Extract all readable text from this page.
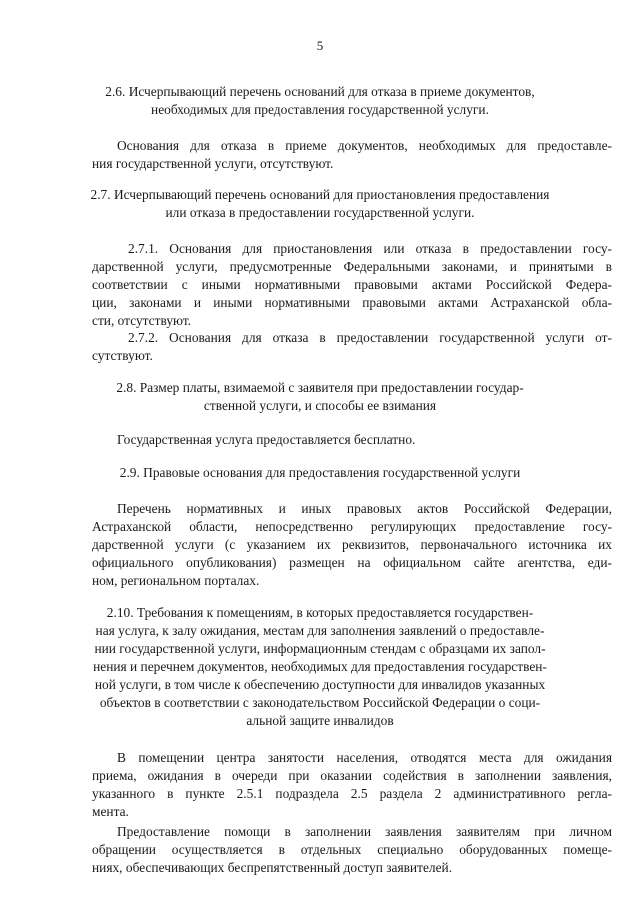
5
2.6. Исчерпывающий перечень оснований для отказа в приеме документов,
необходимых для предоставления государственной услуги.
Основания для отказа в приеме документов, необходимых для предоставле-
ния государственной услуги, отсутствуют.
2.7. Исчерпывающий перечень оснований для приостановления предоставления
или отказа в предоставлении государственной услуги.
2.7.1. Основания для приостановления или отказа в предоставлении госу-
дарственной услуги, предусмотренные Федеральными законами, и принятыми в
соответствии с иными нормативными правовыми актами Российской Федера-
ции, законами и иными нормативными правовыми актами Астраханской обла-
сти, отсутствуют.
2.7.2. Основания для отказа в предоставлении государственной услуги от-
сутствуют.
2.8. Размер платы, взимаемой с заявителя при предоставлении государ-
ственной услуги, и способы ее взимания
Государственная услуга предоставляется бесплатно.
2.9. Правовые основания для предоставления государственной услуги
Перечень нормативных и иных правовых актов Российской Федерации,
Астраханской области, непосредственно регулирующих предоставление госу-
дарственной услуги (с указанием их реквизитов, первоначального источника их
официального опубликования) размещен на официальном сайте агентства, еди-
ном, региональном порталах.
2.10. Требования к помещениям, в которых предоставляется государствен-
ная услуга, к залу ожидания, местам для заполнения заявлений о предоставле-
нии государственной услуги, информационным стендам с образцами их запол-
нения и перечнем документов, необходимых для предоставления государствен-
ной услуги, в том числе к обеспечению доступности для инвалидов указанных
объектов в соответствии с законодательством Российской Федерации о соци-
альной защите инвалидов
В помещении центра занятости населения, отводятся места для ожидания
приема, ожидания в очереди при оказании содействия в заполнении заявления,
указанного в пункте 2.5.1 подраздела 2.5 раздела 2 административного регла-
мента.
Предоставление помощи в заполнении заявления заявителям при личном
обращении осуществляется в отдельных специально оборудованных помеще-
ниях, обеспечивающих беспрепятственный доступ заявителей.
